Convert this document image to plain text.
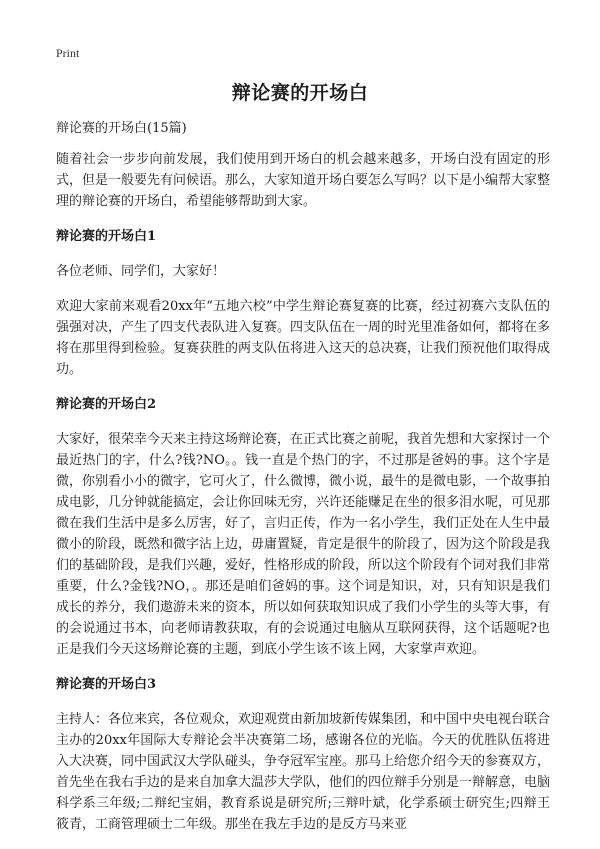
Print
辩论赛的开场白

辩论赛的开场白(15篇)

随着社会一步步向前发展，我们使用到开场白的机会越来越多，开场白没有固定的形式，但是一般要先有问候语。那么，大家知道开场白要怎么写吗？以下是小编帮大家整理的辩论赛的开场白，希望能够帮助到大家。

辩论赛的开场白1

各位老师、同学们，大家好！

欢迎大家前来观看20xx年“五地六校”中学生辩论赛复赛的比赛，经过初赛六支队伍的强强对决，产生了四支代表队进入复赛。四支队伍在一周的时光里准备如何，都将在多将在那里得到检验。复赛获胜的两支队伍将进入这天的总决赛，让我们预祝他们取得成功。

辩论赛的开场白2

大家好，很荣幸今天来主持这场辩论赛，在正式比赛之前呢，我首先想和大家探讨一个最近热门的字，什么?钱?NO。。钱一直是个热门的字，不过那是爸妈的事。这个字是微，你别看小小的微字，它可火了，什么微博，微小说，最牛的是微电影，一个故事拍成电影，几分钟就能搞定，会让你回味无穷，兴许还能赚足在坐的很多泪水呢，可见那微在我们生活中是多么厉害，好了，言归正传，作为一名小学生，我们正处在人生中最微小的阶段，既然和微字沾上边，毋庸置疑，肯定是很牛的阶段了，因为这个阶段是我们的基础阶段，是我们兴趣，爱好，性格形成的阶段，所以这个阶段有个词对我们非常重要，什么?金钱?NO，。那还是咱们爸妈的事。这个词是知识，对，只有知识是我们成长的养分，我们遨游未来的资本，所以如何获取知识成了我们小学生的头等大事，有的会说通过书本，向老师请教获取，有的会说通过电脑从互联网获得，这个话题呢?也正是我们今天这场辩论赛的主题，到底小学生该不该上网，大家掌声欢迎。

辩论赛的开场白3

主持人：各位来宾，各位观众，欢迎观赏由新加坡新传媒集团，和中国中央电视台联合主办的20xx年国际大专辩论会半决赛第二场，感谢各位的光临。今天的优胜队伍将进入大决赛，同中国武汉大学队碰头，争夺冠军宝座。那马上给您介绍今天的参赛双方，首先坐在我右手边的是来自加拿大温莎大学队，他们的四位辩手分别是一辩解意，电脑科学系三年级;二辩纪宝娟，教育系说是研究所;三辩叶斌，化学系硕士研究生;四辩王筱青，工商管理硕士二年级。那坐在我左手边的是反方马来亚
